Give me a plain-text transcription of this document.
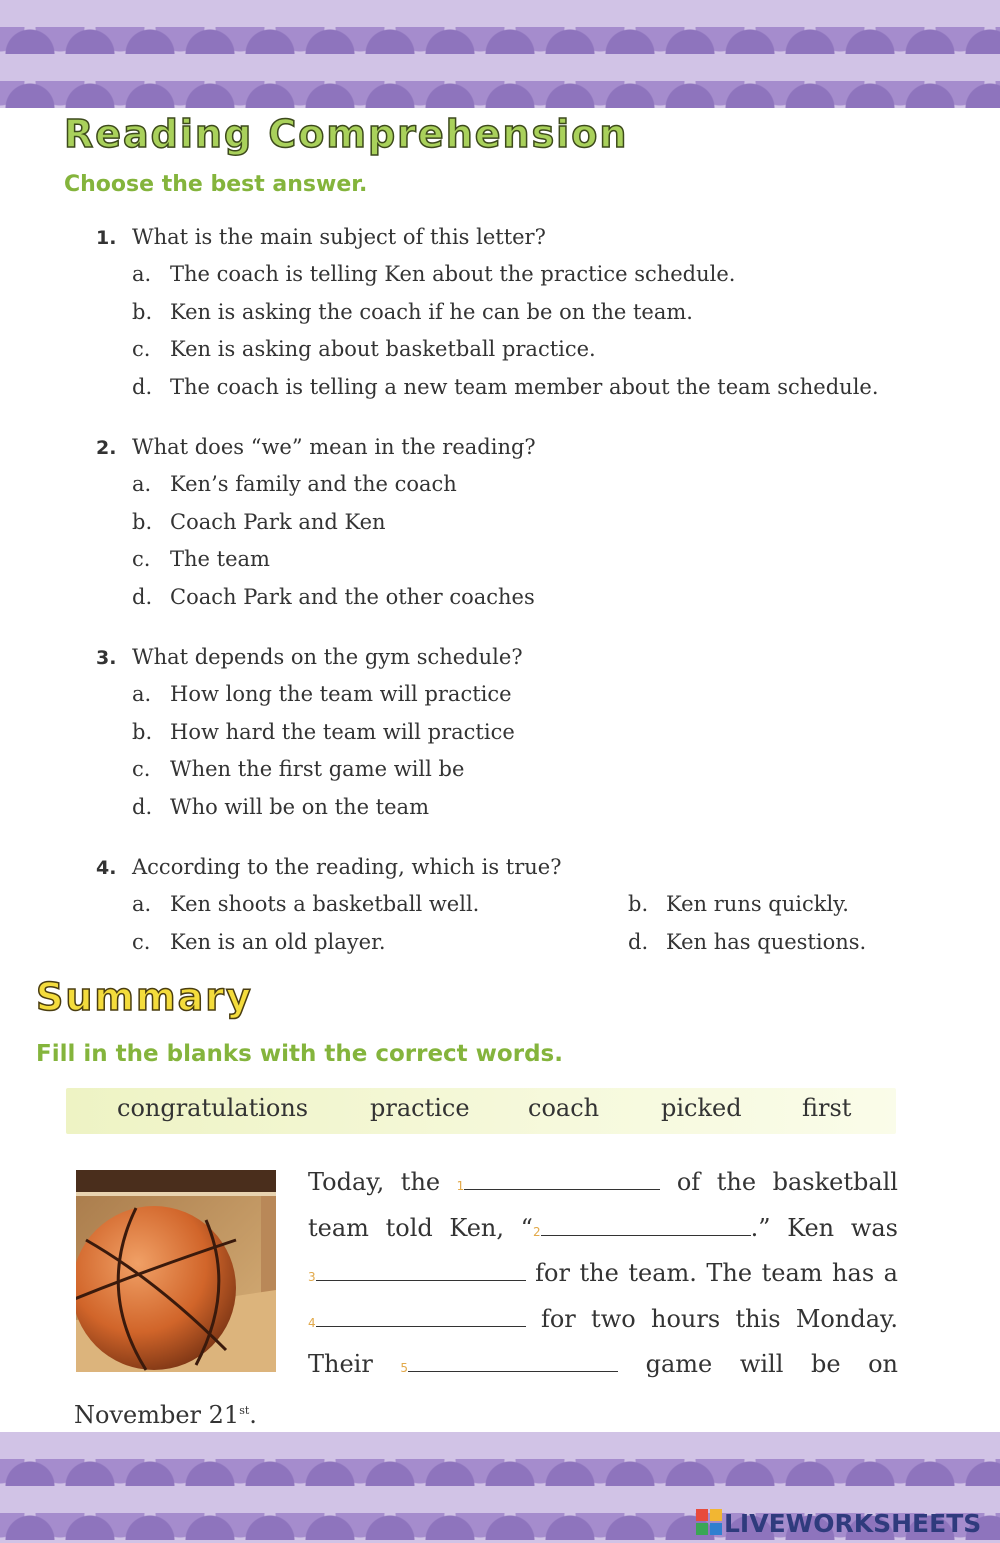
Reading Comprehension

Choose the best answer.

1. What is the main subject of this letter?
a. The coach is telling Ken about the practice schedule.
b. Ken is asking the coach if he can be on the team.
c. Ken is asking about basketball practice.
d. The coach is telling a new team member about the team schedule.
2. What does “we” mean in the reading?
a. Ken’s family and the coach
b. Coach Park and Ken
c. The team
d. Coach Park and the other coaches
3. What depends on the gym schedule?
a. How long the team will practice
b. How hard the team will practice
c. When the first game will be
d. Who will be on the team
4. According to the reading, which is true?
a. Ken shoots a basketball well.	b. Ken runs quickly.
c. Ken is an old player.	d. Ken has questions.
Summary

Fill in the blanks with the correct words.

congratulations	practice coach	picked	first
Today, the 1	of the basketball
team told Ken, “2	.” Ken was
3	for the team. The team has a
4	for two hours this Monday.
Their 5	game will be on
November 21st.
LIVEWORKSHEETS
